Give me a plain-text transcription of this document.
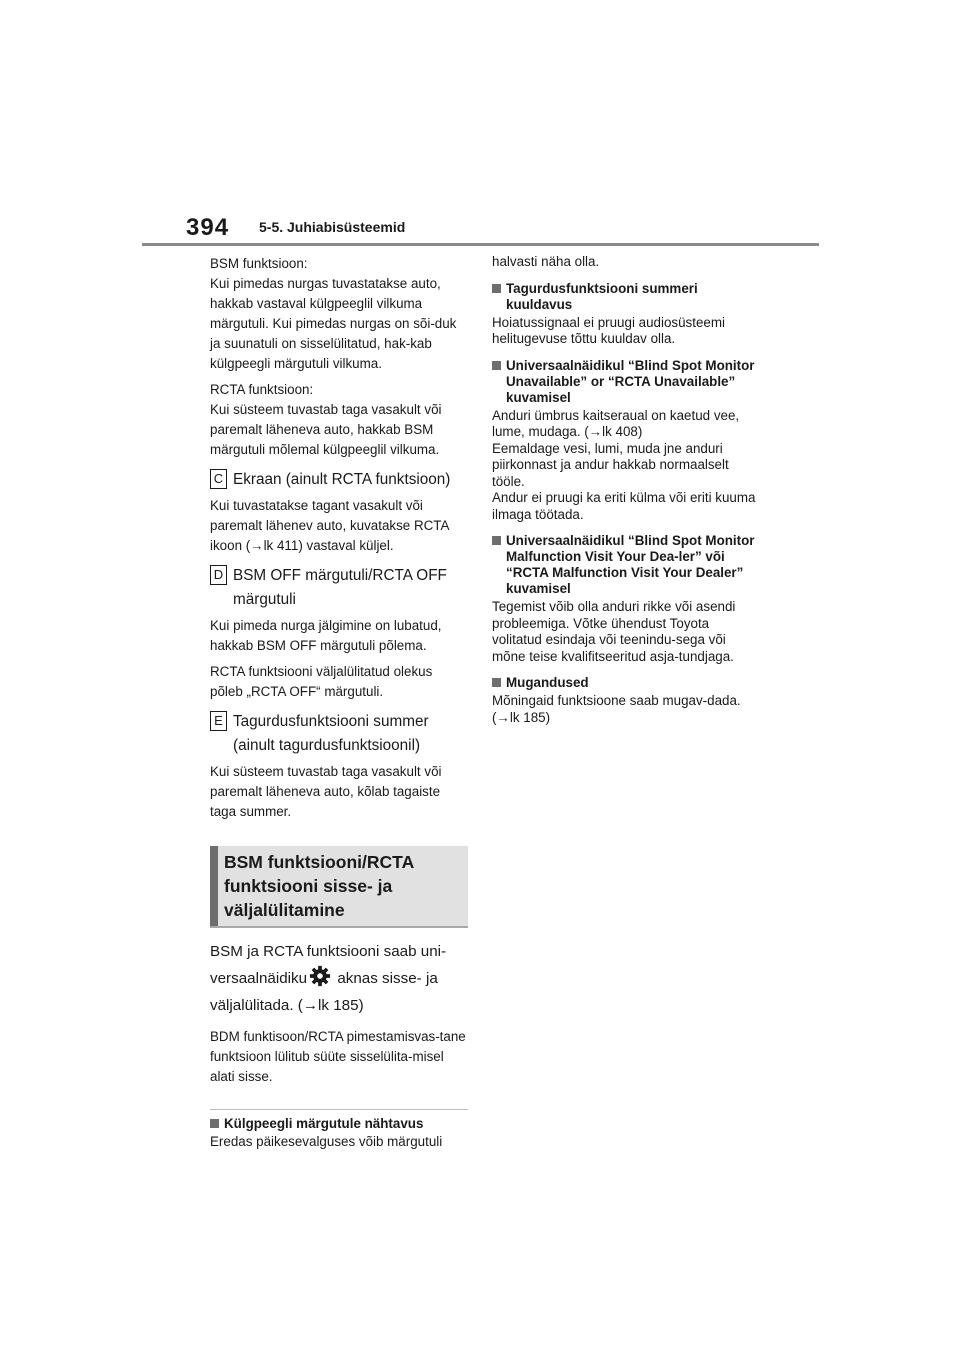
394 5-5. Juhiabisüsteemid

BSM funktsioon:
Kui pimedas nurgas tuvastatakse auto, hakkab vastaval külgpeeglil vilkuma märgutuli. Kui pimedas nurgas on sõi-duk ja suunatuli on sisselülitatud, hak-kab külgpeegli märgutuli vilkuma.

RCTA funktsioon:
Kui süsteem tuvastab taga vasakult või paremalt läheneva auto, hakkab BSM märgutuli mõlemal külgpeeglil vilkuma.

C Ekraan (ainult RCTA funktsioon)

Kui tuvastatakse tagant vasakult või paremalt lähenev auto, kuvatakse RCTA ikoon (→lk 411) vastaval küljel.

D BSM OFF märgutuli/RCTA OFF märgutuli

Kui pimeda nurga jälgimine on lubatud, hakkab BSM OFF märgutuli põlema.

RCTA funktsiooni väljalülitatud olekus põleb „RCTA OFF“ märgutuli.

E Tagurdusfunktsiooni summer (ainult tagurdusfunktsioonil)

Kui süsteem tuvastab taga vasakult või paremalt läheneva auto, kõlab tagaiste taga summer.

BSM funktsiooni/RCTA funktsiooni sisse- ja väljalülitamine

BSM ja RCTA funktsiooni saab uni-versaalnäidiku aknas sisse- ja väljalülitada. (→lk 185)

BDM funktisoon/RCTA pimestamisvas-tane funktsioon lülitub süüte sisselülita-misel alati sisse.

Külgpeegli märgutule nähtavus

Eredas päikesevalguses võib märgutuli

halvasti näha olla.

Tagurdusfunktsiooni summeri kuuldavus

Hoiatussignaal ei pruugi audiosüsteemi helitugevuse tõttu kuuldav olla.

Universaalnäidikul “Blind Spot Monitor Unavailable” or “RCTA Unavailable” kuvamisel

Anduri ümbrus kaitseraual on kaetud vee, lume, mudaga. (→lk 408)

Eemaldage vesi, lumi, muda jne anduri piirkonnast ja andur hakkab normaalselt tööle.

Andur ei pruugi ka eriti külma või eriti kuuma ilmaga töötada.

Universaalnäidikul “Blind Spot Monitor Malfunction Visit Your Dea-ler” või “RCTA Malfunction Visit Your Dealer” kuvamisel

Tegemist võib olla anduri rikke või asendi probleemiga. Võtke ühendust Toyota volitatud esindaja või teenindu-sega või mõne teise kvalifitseeritud asja-tundjaga.

Mugandused

Mõningaid funktsioone saab mugav-dada. (→lk 185)
